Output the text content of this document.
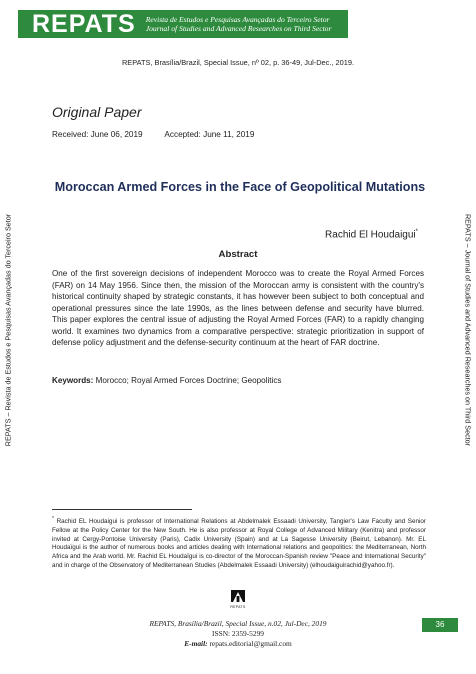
REPATS Revista de Estudos e Pesquisas Avançadas do Terceiro Setor
Journal of Studies and Advanced Researches on Third Sector
REPATS, Brasília/Brazil, Special Issue, nº 02, p. 36-49, Jul-Dec., 2019.
REPATS – Revista de Estudos e Pesquisas Avançadas do Terceiro Setor	REPATS – Journal of Studies and Advanced Researches on Third Sector
Original Paper
Received: June 06, 2019	Accepted: June 11, 2019
Moroccan Armed Forces in the Face of Geopolitical Mutations
Rachid El Houdaigui*
Abstract

One of the first sovereign decisions of independent Morocco was to create the Royal Armed Forces (FAR) on 14 May 1956. Since then, the mission of the Moroccan army is consistent with the country's historical continuity shaped by strategic constants, it has however been subject to both conceptual and operational pressures since the late 1990s, as the lines between defense and security have blurred. This paper explores the central issue of adjusting the Royal Armed Forces (FAR) to a rapidly changing world. It examines two dynamics from a comparative perspective: strategic prioritization in support of defense policy adjustment and the defense-security continuum at the heart of FAR doctrine.

Keywords: Morocco; Royal Armed Forces Doctrine; Geopolitics

* Rachid EL Houdaigui is professor of International Relations at Abdelmalek Essaadi University, Tangier's Law Faculty and Senior Fellow at the Policy Center for the New South. He is also professor at Royal College of Advanced Military (Kenitra) and professor invited at Cergy-Pontoise University (Paris), Cadix University (Spain) and at La Sagesse University (Beirut, Lebanon). Mr. EL Houdaïgui is the author of numerous books and articles dealing with International relations and geopolitics: the Mediterranean, North Africa and the Arab world. Mr. Rachid EL Houdaïgui is co-director of the Moroccan-Spanish review "Peace and International Security" and in charge of the Observatory of Mediterranean Studies (Abdelmalek Essaadi University) (elhoudaiguirachid@yahoo.fr).

REPATS
REPATS, Brasília/Brazil, Special Issue, n.02, Jul-Dec, 2019
ISSN: 2359-5299
E-mail: repats.editorial@gmail.com
36
